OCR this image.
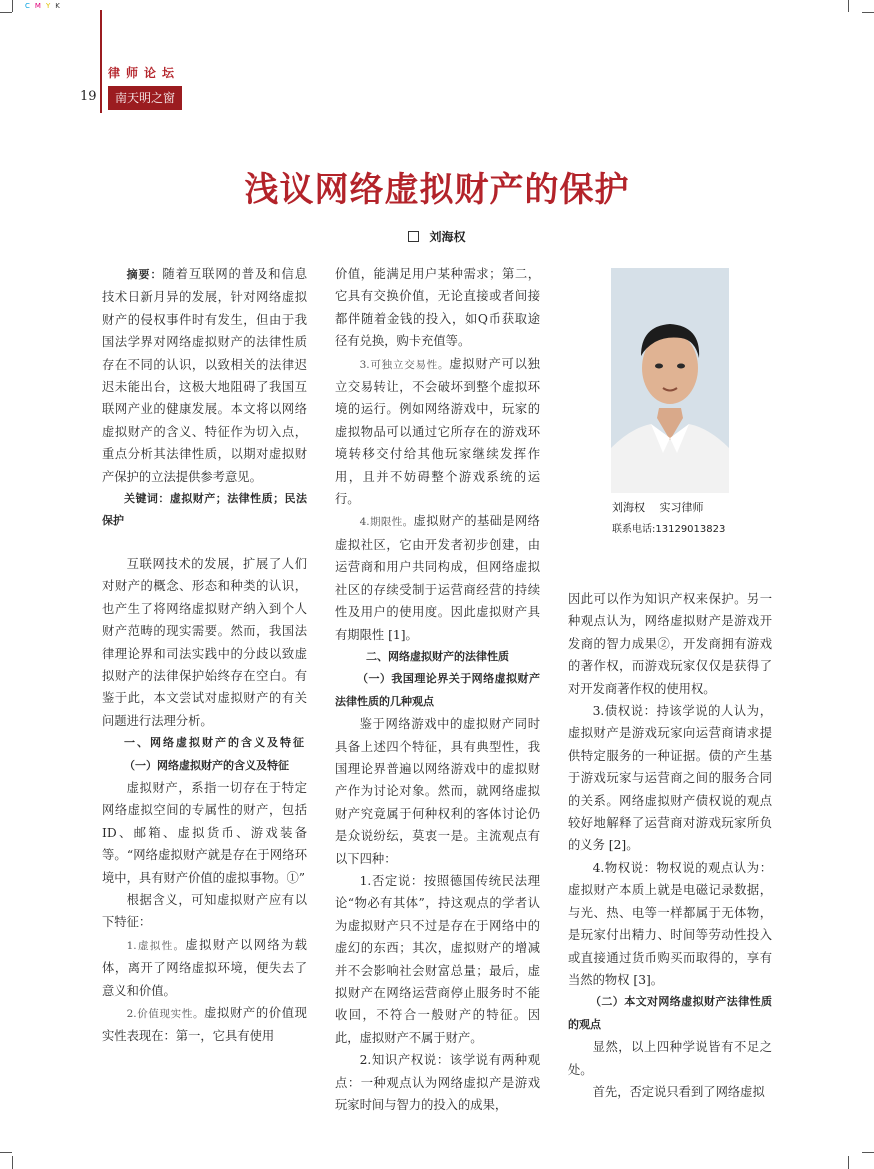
CMYK
律师论坛
19	南天明之窗
浅议网络虚拟财产的保护
刘海权

摘要：随着互联网的普及和信息技术日新月异的发展，针对网络虚拟财产的侵权事件时有发生，但由于我国法学界对网络虚拟财产的法律性质存在不同的认识，以致相关的法律迟迟未能出台，这极大地阻碍了我国互联网产业的健康发展。本文将以网络虚拟财产的含义、特征作为切入点，重点分析其法律性质，以期对虚拟财产保护的立法提供参考意见。

关键词：虚拟财产；法律性质；民法保护

互联网技术的发展，扩展了人们对财产的概念、形态和种类的认识，也产生了将网络虚拟财产纳入到个人财产范畴的现实需要。然而，我国法律理论界和司法实践中的分歧以致虚拟财产的法律保护始终存在空白。有鉴于此，本文尝试对虚拟财产的有关问题进行法理分析。

一、网络虚拟财产的含义及特征

（一）网络虚拟财产的含义及特征

虚拟财产，系指一切存在于特定网络虚拟空间的专属性的财产，包括ID、邮箱、虚拟货币、游戏装备等。“网络虚拟财产就是存在于网络环境中，具有财产价值的虚拟事物。①”

根据含义，可知虚拟财产应有以下特征：

1.虚拟性。虚拟财产以网络为载体，离开了网络虚拟环境，便失去了意义和价值。

2.价值现实性。虚拟财产的价值现实性表现在：第一，它具有使用

价值，能满足用户某种需求；第二，它具有交换价值，无论直接或者间接都伴随着金钱的投入，如Q币获取途径有兑换，购卡充值等。

3.可独立交易性。虚拟财产可以独立交易转让，不会破坏到整个虚拟环境的运行。例如网络游戏中，玩家的虚拟物品可以通过它所存在的游戏环境转移交付给其他玩家继续发挥作用，且并不妨碍整个游戏系统的运行。

4.期限性。虚拟财产的基础是网络虚拟社区，它由开发者初步创建，由运营商和用户共同构成，但网络虚拟社区的存续受制于运营商经营的持续性及用户的使用度。因此虚拟财产具有期限性 [1]。

二、网络虚拟财产的法律性质

（一）我国理论界关于网络虚拟财产法律性质的几种观点

鉴于网络游戏中的虚拟财产同时具备上述四个特征，具有典型性，我国理论界普遍以网络游戏中的虚拟财产作为讨论对象。然而，就网络虚拟财产究竟属于何种权利的客体讨论仍是众说纷纭，莫衷一是。主流观点有以下四种：

1.否定说：按照德国传统民法理论“物必有其体”，持这观点的学者认为虚拟财产只不过是存在于网络中的虚幻的东西；其次，虚拟财产的增减并不会影响社会财富总量；最后，虚拟财产在网络运营商停止服务时不能收回，不符合一般财产的特征。因此，虚拟财产不属于财产。

2.知识产权说：该学说有两种观点：一种观点认为网络虚拟产是游戏玩家时间与智力的投入的成果，

刘海权　 实习律师
联系电话:13129013823

因此可以作为知识产权来保护。另一种观点认为，网络虚拟财产是游戏开发商的智力成果②，开发商拥有游戏的著作权，而游戏玩家仅仅是获得了对开发商著作权的使用权。

3.债权说：持该学说的人认为，虚拟财产是游戏玩家向运营商请求提供特定服务的一种证据。债的产生基于游戏玩家与运营商之间的服务合同的关系。网络虚拟财产债权说的观点较好地解释了运营商对游戏玩家所负的义务 [2]。

4.物权说：物权说的观点认为：虚拟财产本质上就是电磁记录数据，与光、热、电等一样都属于无体物，是玩家付出精力、时间等劳动性投入或直接通过货币购买而取得的，享有当然的物权 [3]。

（二）本文对网络虚拟财产法律性质的观点

显然，以上四种学说皆有不足之处。

首先，否定说只看到了网络虚拟
